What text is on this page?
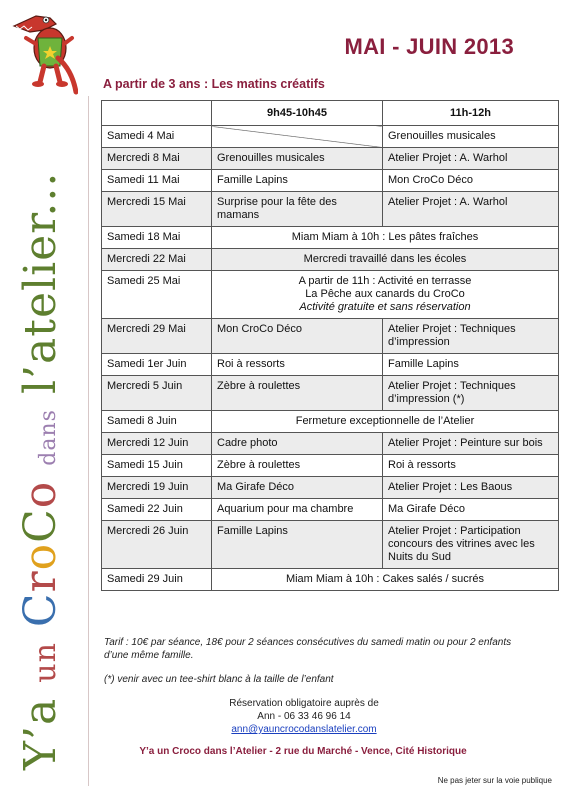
Y’a un CroCo dans l’atelier...
MAI - JUIN 2013
A partir de 3 ans : Les matins créatifs
	9h45-10h45	11h-12h
Samedi 4 Mai		Grenouilles musicales
Mercredi 8 Mai	Grenouilles musicales	Atelier Projet : A. Warhol
Samedi 11 Mai	Famille Lapins	Mon CroCo Déco
Mercredi 15 Mai	Surprise pour la fête des mamans	Atelier Projet : A. Warhol
Samedi 18 Mai	Miam Miam à 10h : Les pâtes fraîches	
Mercredi 22 Mai	Mercredi travaillé dans les écoles	
Samedi 25 Mai	A partir de 11h : Activité en terrasse
La Pêche aux canards du CroCo
Activité gratuite et sans réservation	

Mercredi 29 Mai	Mon CroCo Déco	Atelier Projet : Techniques d’impression
Samedi 1er Juin	Roi à ressorts	Famille Lapins
Mercredi 5 Juin	Zèbre à roulettes	Atelier Projet : Techniques d’impression (*)
Samedi 8 Juin	Fermeture exceptionnelle de l’Atelier	
Mercredi 12 Juin	Cadre photo	Atelier Projet : Peinture sur bois
Samedi 15 Juin	Zèbre à roulettes	Roi à ressorts
Mercredi 19 Juin	Ma Girafe Déco	Atelier Projet : Les Baous
Samedi 22 Juin	Aquarium pour ma chambre	Ma Girafe Déco
Mercredi 26 Juin	Famille Lapins	Atelier Projet : Participation concours des vitrines avec les Nuits du Sud
Samedi 29 Juin	Miam Miam à 10h : Cakes salés / sucrés	
Tarif : 10€ par séance, 18€ pour 2 séances consécutives du samedi matin ou pour 2 enfants d’une même famille.
(*) venir avec un tee-shirt blanc à la taille de l’enfant
Réservation obligatoire auprès de
Ann - 06 33 46 96 14
ann@yauncrocodanslatelier.com
Y’a un Croco dans l’Atelier - 2 rue du Marché - Vence, Cité Historique
Ne pas jeter sur la voie publique
